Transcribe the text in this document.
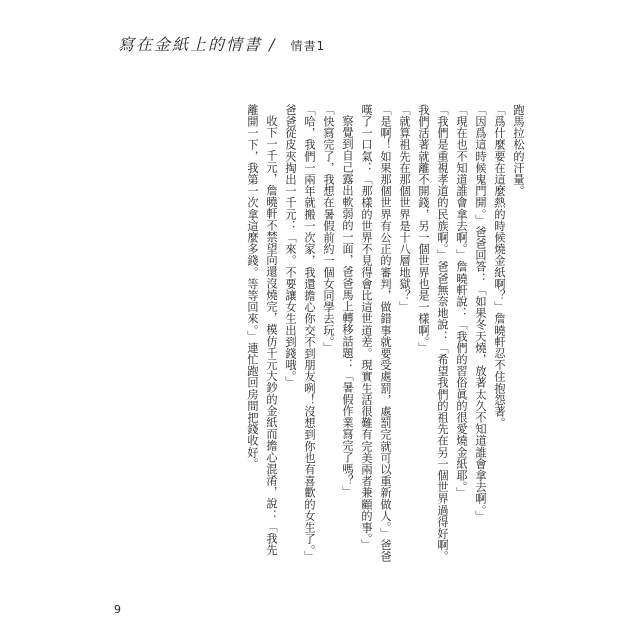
寫在金紙上的情書 / 情書1

跑馬拉松的汗量。

「爲什麼要在這麼熱的時候燒金紙啊？」詹曉軒忍不住抱怨著。

「因爲這時候鬼門開。」爸爸回答：「如果冬天燒，放著太久不知道誰會拿去啊。」

「現在也不知道誰會拿去啊。」詹曉軒說：「我們的習俗眞的很愛燒金紙耶。」

「我們是重視孝道的民族啊。」爸爸無奈地說：「希望我們的祖先在另一個世界過得好啊。我們活著就離不開錢，另一個世界也是一樣啊。」

「就算祖先在那個世界是十八層地獄？」

「是啊！如果那個世界有公正的審判，做錯事就要受處罰，處罰完就可以重新做人。」爸爸嘆了一口氣：「那樣的世界不見得會比這世道差。現實生活很難有完美兩者兼顧的事。」

察覺到自己露出軟弱的一面，爸爸馬上轉移話題：「暑假作業寫完了嗎？」

「快寫完了，我想在暑假前約一個女同學去玩。」

「哈，我們一兩年就搬一次家，我還擔心你交不到朋友咧！沒想到你也有喜歡的女生了。」爸爸從皮夾掏出一千元：「來。不要讓女生出到錢哦。」

收下一千元，詹曉軒不禁望向還沒燒完，模仿千元大鈔的金紙而擔心混淆，說：「我先離開一下，我第一次拿這麼多錢。等等回來。」連忙跑回房間把錢收好。

9
